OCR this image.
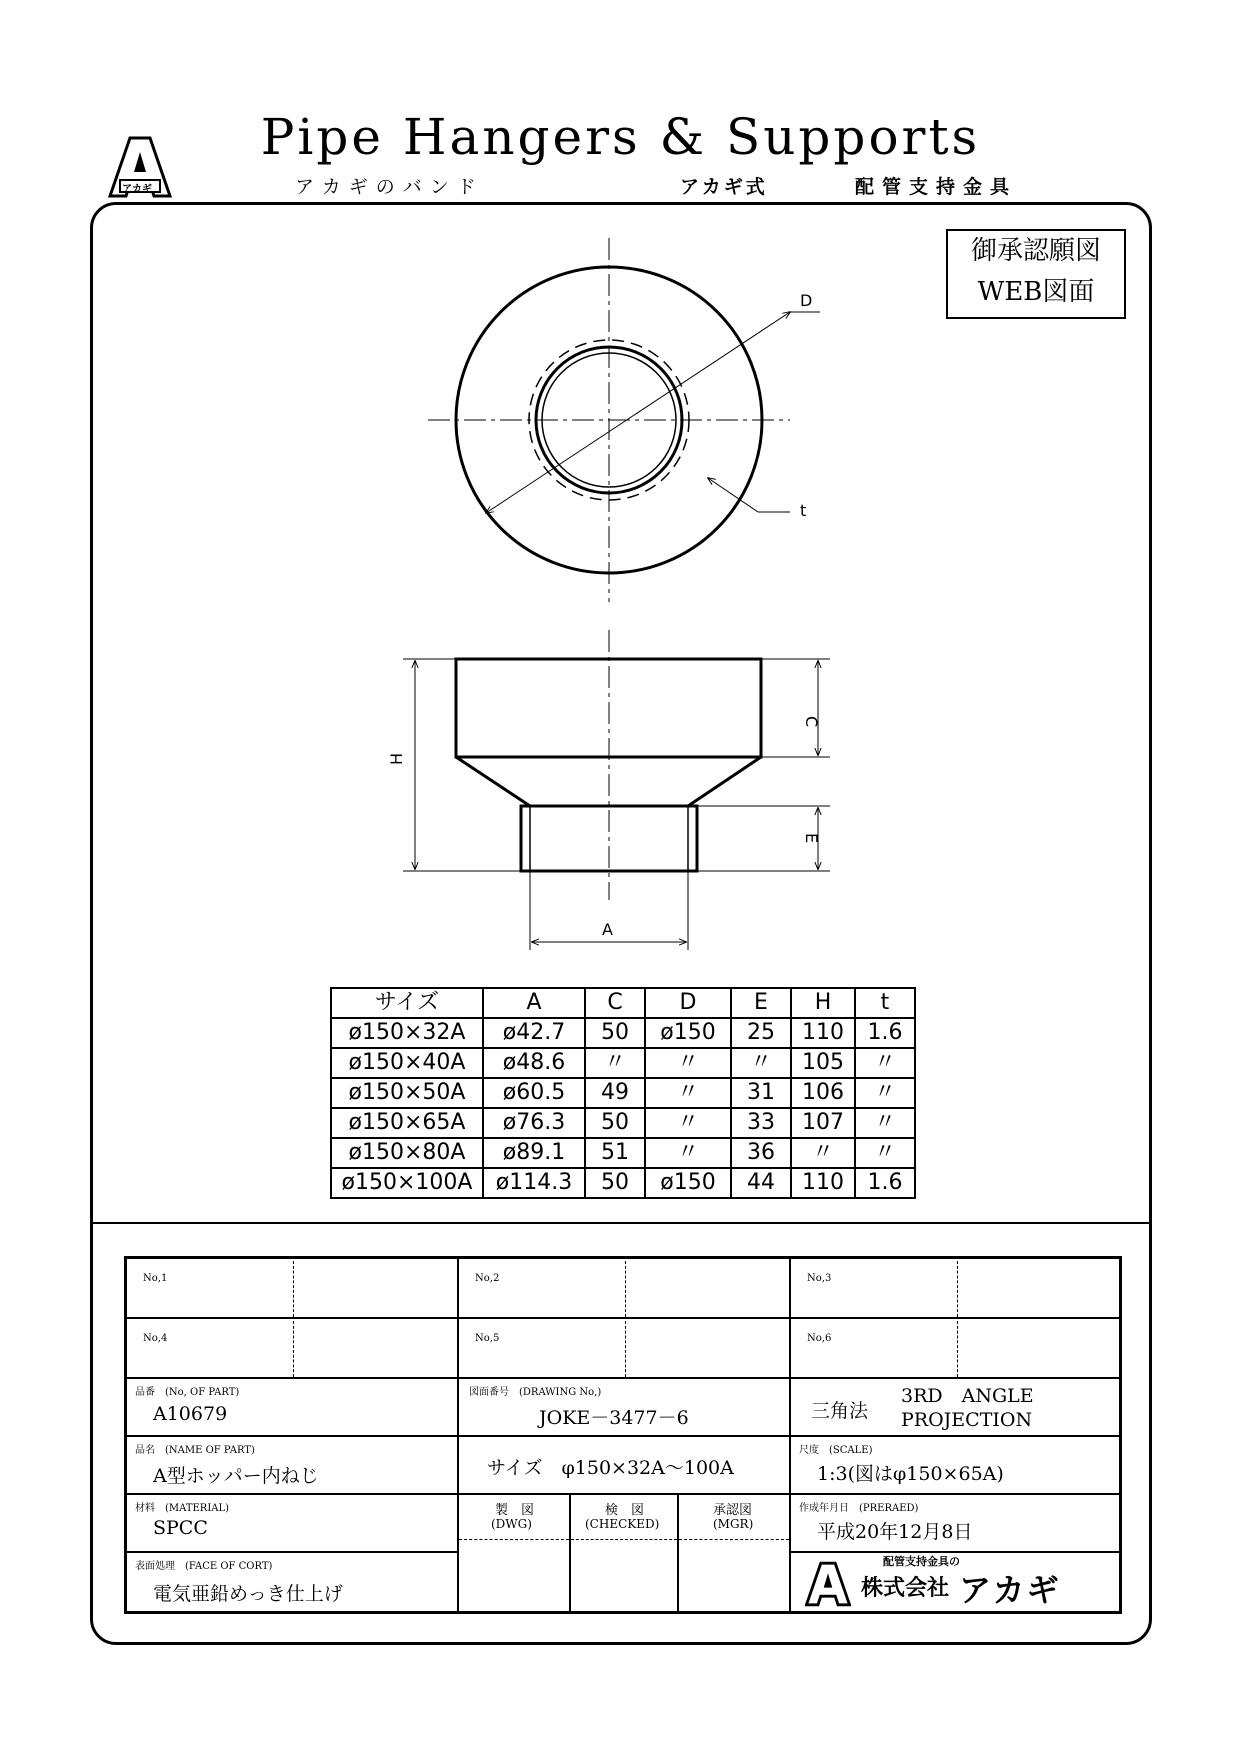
アカギ
Pipe Hangers & Supports
アカギのバンド	アカギ式	配管支持金具
御承認願図
WEB図面
D
t
H
C
E
A
サイズ	A	C	D	E	H	t
ø150×32A	ø42.7	50	ø150	25	110	1.6
ø150×40A	ø48.6	〃	〃	〃	105	〃
ø150×50A	ø60.5	49	〃	31	106	〃
ø150×65A	ø76.3	50	〃	33	107	〃
ø150×80A	ø89.1	51	〃	36	〃	〃
ø150×100A	ø114.3	50	ø150	44	110	1.6
No,1	No,2	No,3
No,4	No,5	No,6
品番　(No, OF PART)
A10679
図面番号　(DRAWING No,)
JOKE－3477－6	三角法
3RD　ANGLE
PROJECTION
品名　(NAME OF PART)
A型ホッパー内ねじ	サイズ　φ150×32A～100A
尺度　(SCALE)
1:3(図はφ150×65A)
材料　(MATERIAL)
SPCC
製　図
(DWG)
検　図
(CHECKED)
承認図
(MGR)
作成年月日　(PRERAED)
平成20年12月8日
表面処理　(FACE OF CORT)
電気亜鉛めっき仕上げ
配管支持金具の
株式会社 アカギ
